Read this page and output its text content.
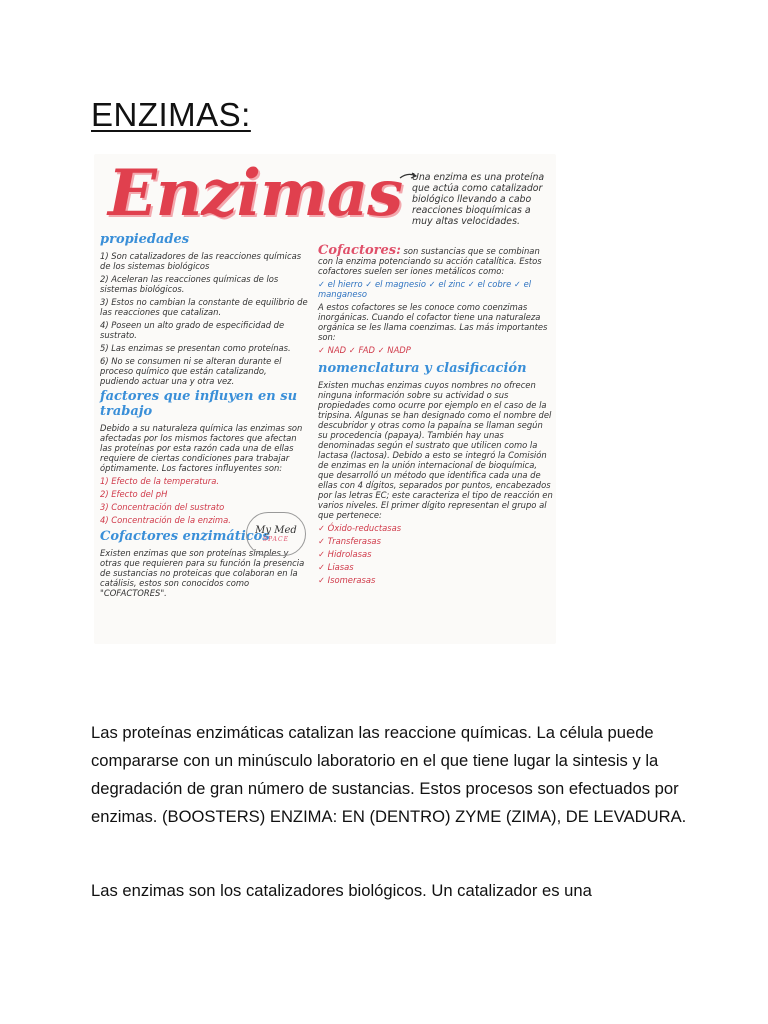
ENZIMAS:
Enzimas Una enzima es una proteína que actúa como catalizador biológico llevando a cabo reacciones bioquímicas a muy altas velocidades.
propiedades

1) Son catalizadores de las reacciones químicas de los sistemas biológicos

2) Aceleran las reacciones químicas de los sistemas biológicos.

3) Estos no cambian la constante de equilibrio de las reacciones que catalizan.

4) Poseen un alto grado de especificidad de sustrato.

5) Las enzimas se presentan como proteínas.

6) No se consumen ni se alteran durante el proceso químico que están catalizando, pudiendo actuar una y otra vez.

factores que influyen en su trabajo

Debido a su naturaleza química las enzimas son afectadas por los mismos factores que afectan las proteínas por esta razón cada una de ellas requiere de ciertas condiciones para trabajar óptimamente. Los factores influyentes son:

1) Efecto de la temperatura.

2) Efecto del pH

3) Concentración del sustrato

4) Concentración de la enzima.

Cofactores enzimáticos
Existen enzimas que son proteínas simples y otras que requieren para su función la presencia de sustancias no proteicas que colaboran en la catálisis, estos son conocidos como "COFACTORES".
My Med
SPACE

Cofactores: son sustancias que se combinan con la enzima potenciando su acción catalítica. Estos cofactores suelen ser iones metálicos como:

✓ el hierro ✓ el magnesio ✓ el zinc ✓ el cobre ✓ el manganeso

A estos cofactores se les conoce como coenzimas inorgánicas. Cuando el cofactor tiene una naturaleza orgánica se les llama coenzimas. Las más importantes son:

✓ NAD ✓ FAD ✓ NADP

nomenclatura y clasificación

Existen muchas enzimas cuyos nombres no ofrecen ninguna información sobre su actividad o sus propiedades como ocurre por ejemplo en el caso de la tripsina. Algunas se han designado como el nombre del descubridor y otras como la papaína se llaman según su procedencia (papaya). También hay unas denominadas según el sustrato que utilicen como la lactasa (lactosa). Debido a esto se integró la Comisión de enzimas en la unión internacional de bioquímica, que desarrolló un método que identifica cada una de ellas con 4 dígitos, separados por puntos, encabezados por las letras EC; este caracteriza el tipo de reacción en varios niveles. El primer dígito representan el grupo al que pertenece:

✓ Óxido-reductasas

✓ Transferasas

✓ Hidrolasas

✓ Liasas

✓ Isomerasas

Las proteínas enzimáticas catalizan las reaccione químicas. La célula puede compararse con un minúsculo laboratorio en el que tiene lugar la sintesis y la degradación de gran número de sustancias. Estos procesos son efectuados por enzimas. (BOOSTERS) ENZIMA: EN (DENTRO) ZYME (ZIMA), DE LEVADURA.

Las enzimas son los catalizadores biológicos. Un catalizador es una
